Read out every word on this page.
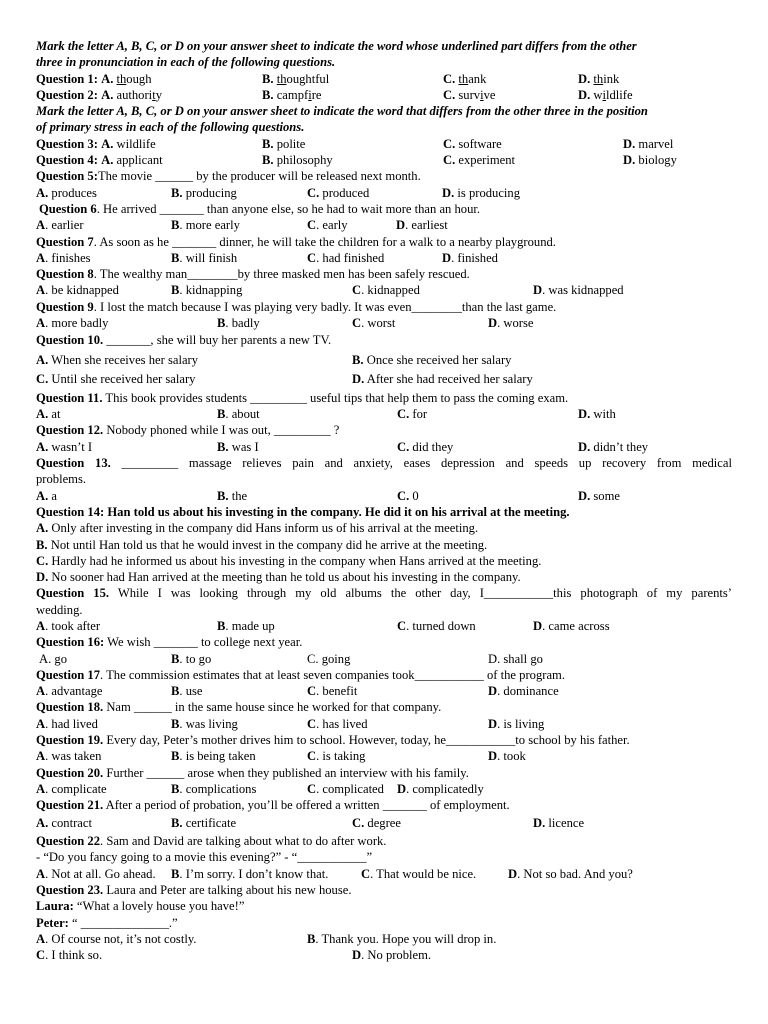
Mark the letter A, B, C, or D on your answer sheet to indicate the word whose underlined part differs from the other
three in pronunciation in each of the following questions.
Question 1: A. though	B. thoughtful	C. thank	D. think
Question 2: A. authority	B. campfire	C. survive	D. wildlife
Mark the letter A, B, C, or D on your answer sheet to indicate the word that differs from the other three in the position
of primary stress in each of the following questions.
Question 3: A. wildlife	B. polite	C. software	D. marvel
Question 4: A. applicant	B. philosophy	C. experiment	D. biology
Question 5:The movie ______ by the producer will be released next month.
A. produces	B. producing	C. produced	D. is producing
Question 6. He arrived _______ than anyone else, so he had to wait more than an hour.
A. earlier	B. more early	C. early	D. earliest
Question 7. As soon as he _______ dinner, he will take the children for a walk to a nearby playground.
A. finishes	B. will finish	C. had finished	D. finished
Question 8. The wealthy man________by three masked men has been safely rescued.
A. be kidnapped	B. kidnapping	C. kidnapped	D. was kidnapped
Question 9. I lost the match because I was playing very badly. It was even________than the last game.
A. more badly	B. badly	C. worst	D. worse
Question 10. _______, she will buy her parents a new TV.
A. When she receives her salary	B. Once she received her salary
C. Until she received her salary	D. After she had received her salary
Question 11. This book provides students _________ useful tips that help them to pass the coming exam.
A. at	B. about	C. for	D. with
Question 12. Nobody phoned while I was out, _________ ?
A. wasn’t I	B. was I	C. did they	D. didn’t they
Question 13. _________ massage relieves pain and anxiety, eases depression and speeds up recovery from medical
problems.
A. a	B. the	C. 0	D. some
Question 14: Han told us about his investing in the company. He did it on his arrival at the meeting.
A. Only after investing in the company did Hans inform us of his arrival at the meeting.
B. Not until Han told us that he would invest in the company did he arrive at the meeting.
C. Hardly had he informed us about his investing in the company when Hans arrived at the meeting.
D. No sooner had Han arrived at the meeting than he told us about his investing in the company.
Question 15. While I was looking through my old albums the other day, I___________this photograph of my parents’
wedding.
A. took after	B. made up	C. turned down	D. came across
Question 16: We wish _______ to college next year.
A. go	B. to go	C. going	D. shall go
Question 17. The commission estimates that at least seven companies took___________ of the program.
A. advantage	B. use	C. benefit	D. dominance
Question 18. Nam ______ in the same house since he worked for that company.
A. had lived	B. was living	C. has lived	D. is living
Question 19. Every day, Peter’s mother drives him to school. However, today, he___________to school by his father.
A. was taken	B. is being taken	C. is taking	D. took
Question 20. Further ______ arose when they published an interview with his family.
A. complicate	B. complications	C. complicated D. complicatedly
Question 21. After a period of probation, you’ll be offered a written _______ of employment.
A. contract	B. certificate	C. degree	D. licence
Question 22. Sam and David are talking about what to do after work.
- “Do you fancy going to a movie this evening?” - “___________”
A. Not at all. Go ahead. B. I’m sorry. I don’t know that.	C. That would be nice.	D. Not so bad. And you?
Question 23. Laura and Peter are talking about his new house.
Laura: “What a lovely house you have!”
Peter: “ ______________.”
A. Of course not, it’s not costly.	B. Thank you. Hope you will drop in.
C. I think so.	D. No problem.
